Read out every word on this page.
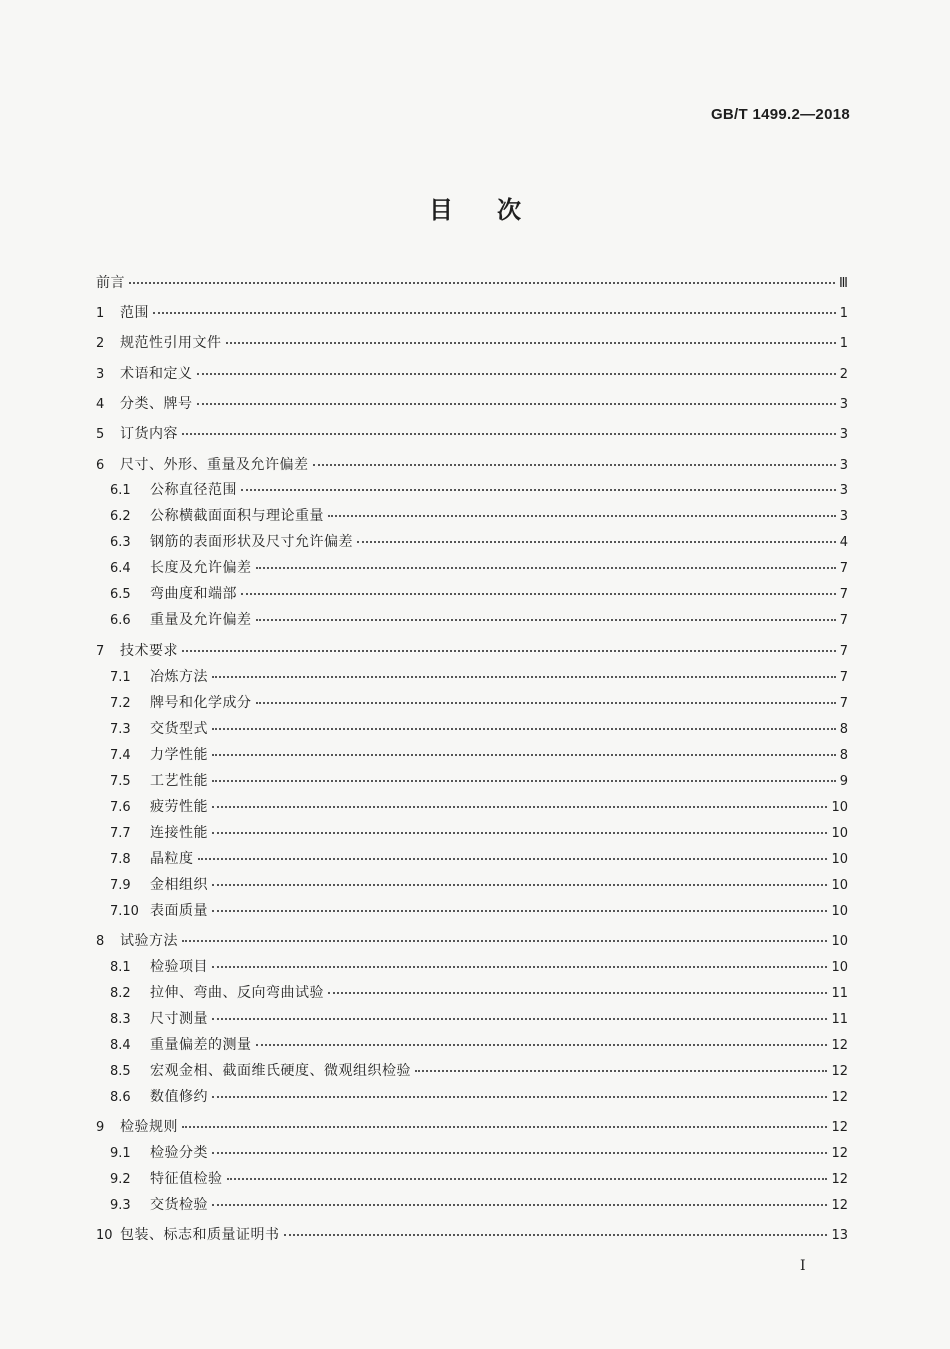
GB/T 1499.2—2018
目次
前言	Ⅲ
1	范围	1
2	规范性引用文件	1
3	术语和定义	2
4	分类、牌号	3
5	订货内容	3
6	尺寸、外形、重量及允许偏差	3
6.1	公称直径范围	3
6.2	公称横截面面积与理论重量	3
6.3	钢筋的表面形状及尺寸允许偏差	4
6.4	长度及允许偏差	7
6.5	弯曲度和端部	7
6.6	重量及允许偏差	7
7	技术要求	7
7.1	冶炼方法	7
7.2	牌号和化学成分	7
7.3	交货型式	8
7.4	力学性能	8
7.5	工艺性能	9
7.6	疲劳性能	10
7.7	连接性能	10
7.8	晶粒度	10
7.9	金相组织	10
7.10 表面质量	10
8	试验方法	10
8.1	检验项目	10
8.2	拉伸、弯曲、反向弯曲试验	11
8.3	尺寸测量	11
8.4	重量偏差的测量	12
8.5	宏观金相、截面维氏硬度、微观组织检验	12
8.6	数值修约	12
9	检验规则	12
9.1	检验分类	12
9.2	特征值检验	12
9.3	交货检验	12
10 包装、标志和质量证明书	13
I
